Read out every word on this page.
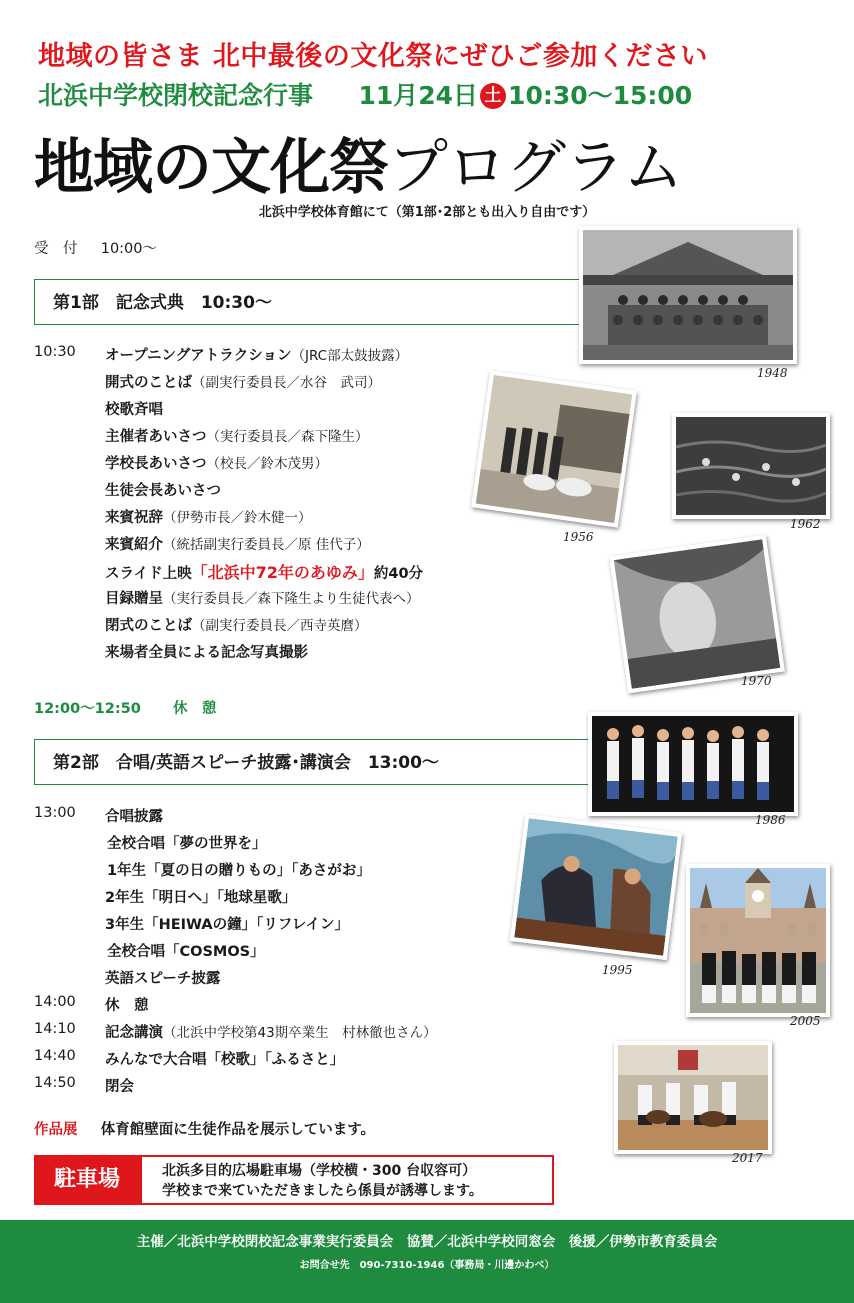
地域の皆さま 北中最後の文化祭にぜひご参加ください
北浜中学校閉校記念行事 11月24日 土 10:30〜15:00
地域の文化祭プログラム
北浜中学校体育館にて（第1部･2部とも出入り自由です）
受　付 10:00〜
第1部　記念式典　10:30〜
10:30 オープニングアトラクション（JRC部太鼓披露）
開式のことば（副実行委員長／水谷　武司）
校歌斉唱
主催者あいさつ（実行委員長／森下隆生）
学校長あいさつ（校長／鈴木茂男）
生徒会長あいさつ
来賓祝辞（伊勢市長／鈴木健一）
来賓紹介（統括副実行委員長／原 佳代子）
スライド上映「北浜中72年のあゆみ」約40分
目録贈呈（実行委員長／森下隆生より生徒代表へ）
閉式のことば（副実行委員長／西寺英麿）
来場者全員による記念写真撮影
12:00〜12:50 休　憩
第2部　合唱/英語スピーチ披露･講演会　13:00〜
13:00 合唱披露
全校合唱「夢の世界を」
1年生「夏の日の贈りもの」「あさがお」
2年生「明日へ」「地球星歌」
3年生「HEIWAの鐘」「リフレイン」
全校合唱「COSMOS」
英語スピーチ披露
14:00 休　憩
14:10 記念講演（北浜中学校第43期卒業生　村林徹也さん）
14:40 みんなで大合唱「校歌」「ふるさと」
14:50 閉会
作品展 体育館壁面に生徒作品を展示しています。
駐車場	北浜多目的広場駐車場（学校横・300 台収容可）
学校まで来ていただきましたら係員が誘導します。
1948
1956
1962
1970
1986
1995
2005
2017
主催／北浜中学校閉校記念事業実行委員会　協賛／北浜中学校同窓会　後援／伊勢市教育委員会
お問合せ先　090-7310-1946（事務局・川邊かわべ）
